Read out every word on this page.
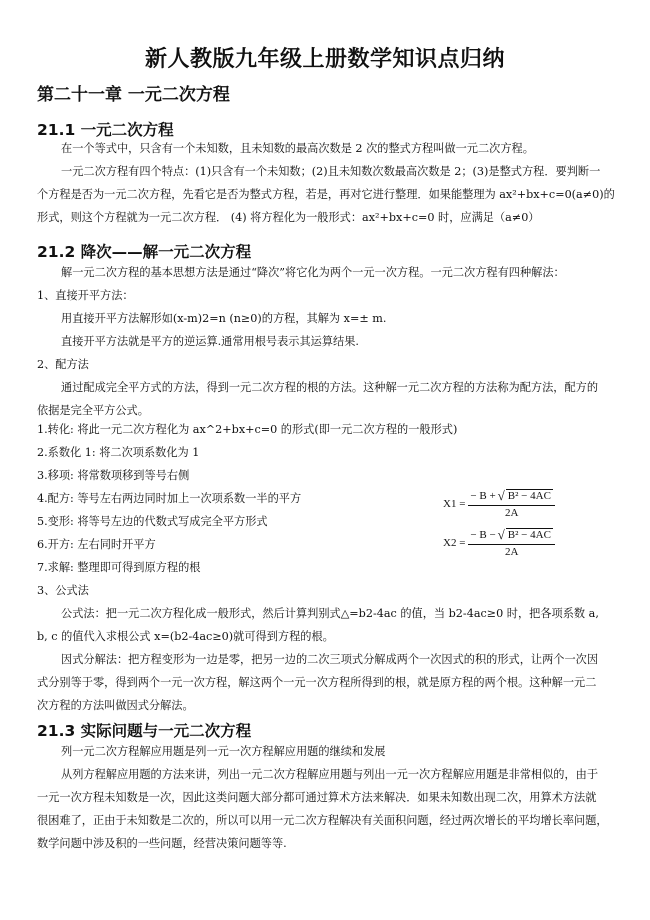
新人教版九年级上册数学知识点归纳
第二十一章 一元二次方程
21.1 一元二次方程
在一个等式中，只含有一个未知数，且未知数的最高次数是 2 次的整式方程叫做一元二次方程。
一元二次方程有四个特点：(1)只含有一个未知数；(2)且未知数次数最高次数是 2；(3)是整式方程．要判断一
个方程是否为一元二次方程，先看它是否为整式方程，若是，再对它进行整理．如果能整理为 ax²+bx+c=0(a≠0)的
形式，则这个方程就为一元二次方程． (4) 将方程化为一般形式：ax²+bx+c=0 时，应满足（a≠0）
21.2 降次——解一元二次方程
解一元二次方程的基本思想方法是通过“降次”将它化为两个一元一次方程。一元二次方程有四种解法：
1、直接开平方法：
用直接开平方法解形如(x-m)2=n (n≥0)的方程，其解为 x=± m.
直接开平方法就是平方的逆运算.通常用根号表示其运算结果.
2、配方法
通过配成完全平方式的方法，得到一元二次方程的根的方法。这种解一元二次方程的方法称为配方法，配方的
依据是完全平方公式。
1.转化: 将此一元二次方程化为 ax^2+bx+c=0 的形式(即一元二次方程的一般形式)
2.系数化 1: 将二次项系数化为 1
3.移项: 将常数项移到等号右侧
4.配方: 等号左右两边同时加上一次项系数一半的平方
5.变形: 将等号左边的代数式写成完全平方形式
6.开方: 左右同时开平方
7.求解: 整理即可得到原方程的根
$X1 = \frac{\text{− B + √ B² − 4AC}}{2A}$
$X2 = \frac{\text{− B − √ B² − 4AC}}{2A}$
3、公式法
公式法：把一元二次方程化成一般形式，然后计算判别式△=b2-4ac 的值，当 b2-4ac≥0 时，把各项系数 a,
b, c 的值代入求根公式 x=(b2-4ac≥0)就可得到方程的根。
因式分解法：把方程变形为一边是零，把另一边的二次三项式分解成两个一次因式的积的形式，让两个一次因
式分别等于零，得到两个一元一次方程，解这两个一元一次方程所得到的根，就是原方程的两个根。这种解一元二
次方程的方法叫做因式分解法。
21.3 实际问题与一元二次方程
列一元二次方程解应用题是列一元一次方程解应用题的继续和发展
从列方程解应用题的方法来讲，列出一元二次方程解应用题与列出一元一次方程解应用题是非常相似的，由于
一元一次方程未知数是一次，因此这类问题大部分都可通过算术方法来解决．如果未知数出现二次，用算术方法就
很困难了，正由于未知数是二次的，所以可以用一元二次方程解决有关面积问题，经过两次增长的平均增长率问题，
数学问题中涉及积的一些问题，经营决策问题等等.
